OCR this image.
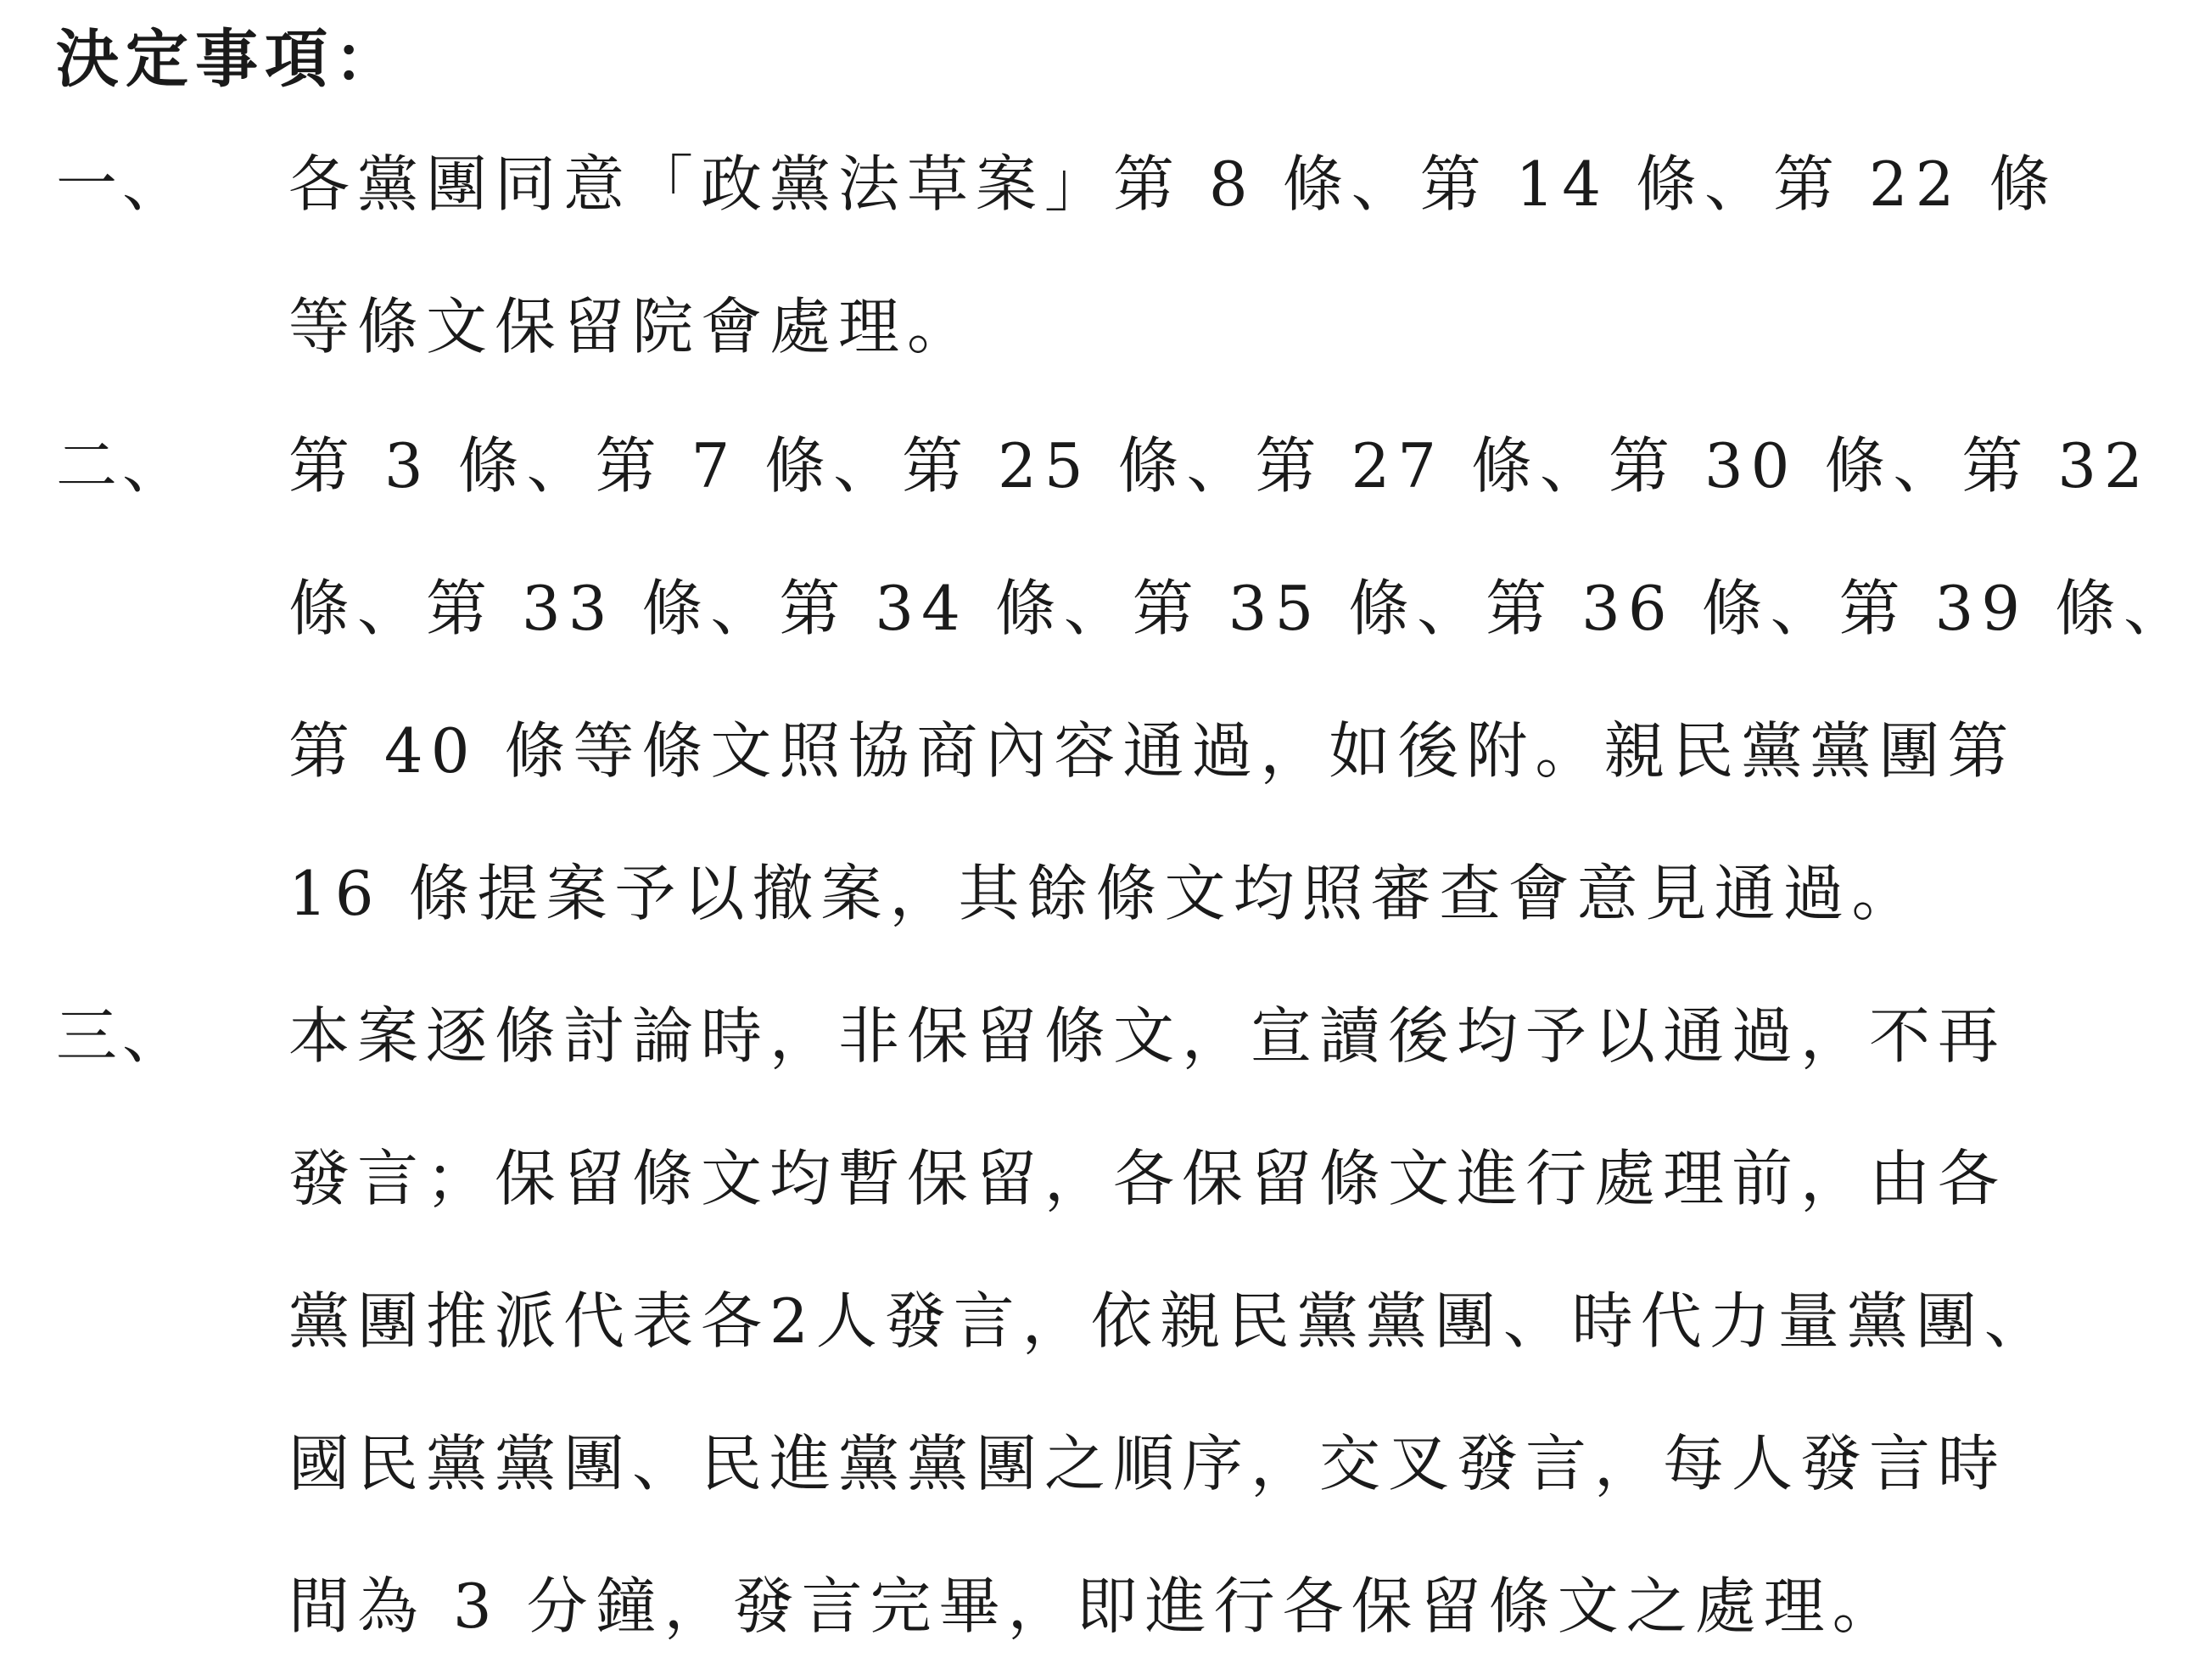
決定事項：
一、 各黨團同意「政黨法草案」第 8 條、第 14 條、第 22 條
等條文保留院會處理。
二、 第 3 條、第 7 條、第 25 條、第 27 條、第 30 條、第 32
條、第 33 條、第 34 條、第 35 條、第 36 條、第 39 條、
第 40 條等條文照協商內容通過，如後附。親民黨黨團第
16 條提案予以撤案，其餘條文均照審查會意見通過。
三、 本案逐條討論時，非保留條文，宣讀後均予以通過，不再
發言；保留條文均暫保留，各保留條文進行處理前，由各
黨團推派代表各2人發言，依親民黨黨團、時代力量黨團、
國民黨黨團、民進黨黨團之順序，交叉發言，每人發言時
間為 3 分鐘，發言完畢，即進行各保留條文之處理。
